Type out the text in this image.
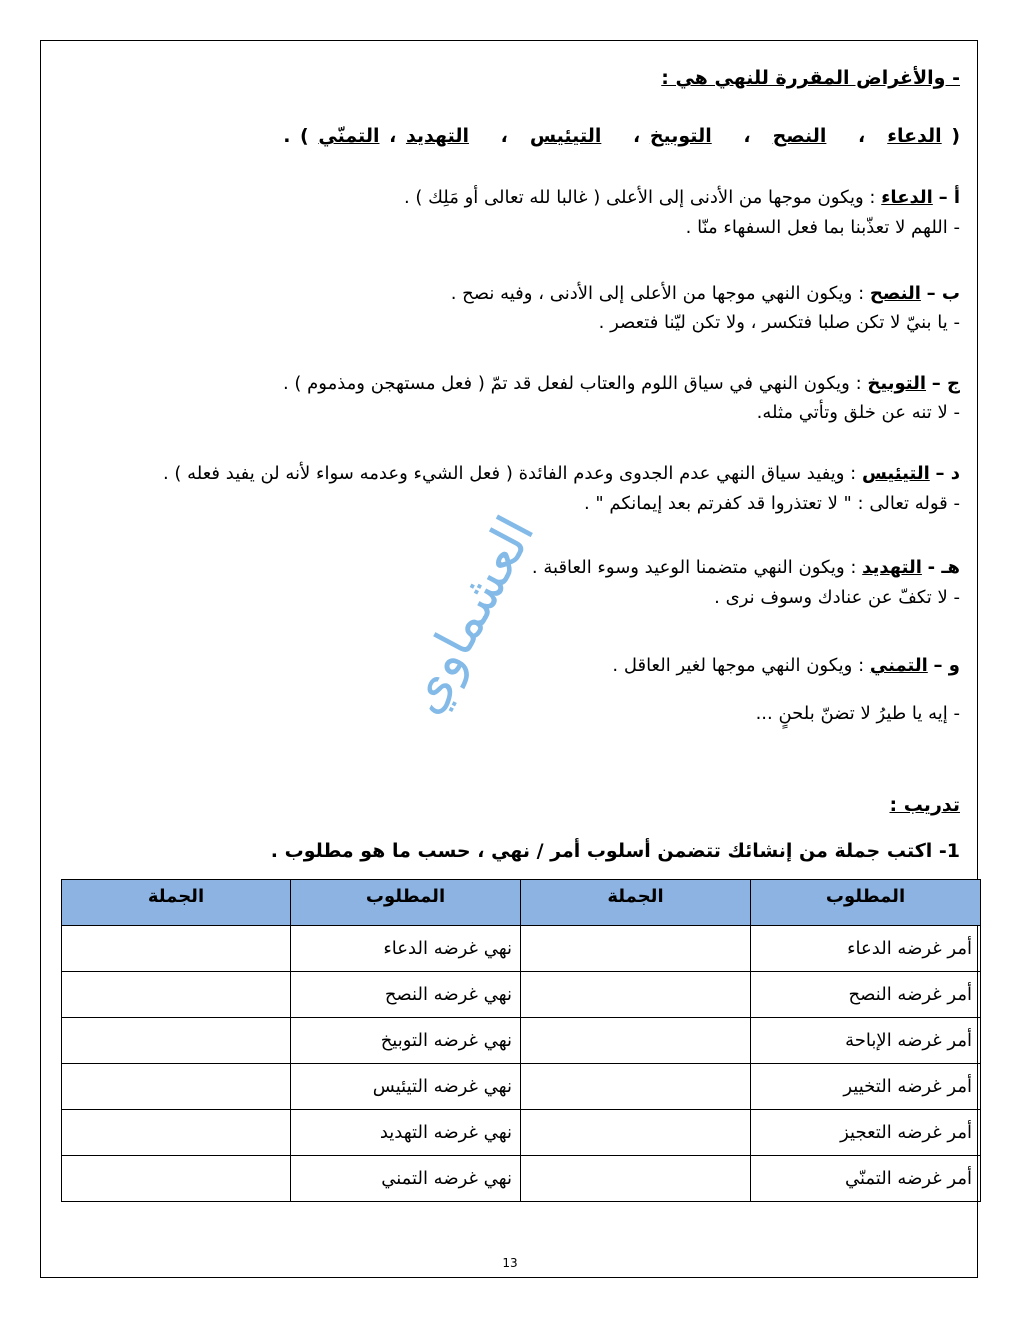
- والأغراض المقررة للنهي هي :
( الدعاء، النصح، التوبيخ ، التيئيس، التهديد ، التمنّي ) .
أ – الدعاء : ويكون موجها من الأدنى إلى الأعلى ( غالبا لله تعالى أو مَلِك ) .
- اللهم لا تعذّبنا بما فعل السفهاء منّا .
ب – النصح : ويكون النهي موجها من الأعلى إلى الأدنى ، وفيه نصح .
- يا بنيّ لا تكن صلبا فتكسر ، ولا تكن ليّنا فتعصر .
ج – التوبيخ : ويكون النهي في سياق اللوم والعتاب لفعل قد تمّ ( فعل مستهجن ومذموم ) .
- لا تنه عن خلق وتأتي مثله.
د – التيئيس : ويفيد سياق النهي عدم الجدوى وعدم الفائدة ( فعل الشيء وعدمه سواء لأنه لن يفيد فعله ) .
- قوله تعالى : " لا تعتذروا قد كفرتم بعد إيمانكم " .
هـ - التهديد : ويكون النهي متضمنا الوعيد وسوء العاقبة .
- لا تكفّ عن عنادك وسوف نرى .
و – التمني : ويكون النهي موجها لغير العاقل .
- إيه يا طيرُ لا تضنّ بلحنٍ ...
العشماوي
تدريب :
1- اكتب جملة من إنشائك تتضمن أسلوب أمر / نهي ، حسب ما هو مطلوب .
المطلوب	الجملة	المطلوب	الجملة
أمر غرضه الدعاء		نهي غرضه الدعاء	
أمر غرضه النصح		نهي غرضه النصح	
أمر غرضه الإباحة		نهي غرضه التوبيخ	
أمر غرضه التخيير		نهي غرضه التيئيس	
أمر غرضه التعجيز		نهي غرضه التهديد	
أمر غرضه التمنّي		نهي غرضه التمني	
13
